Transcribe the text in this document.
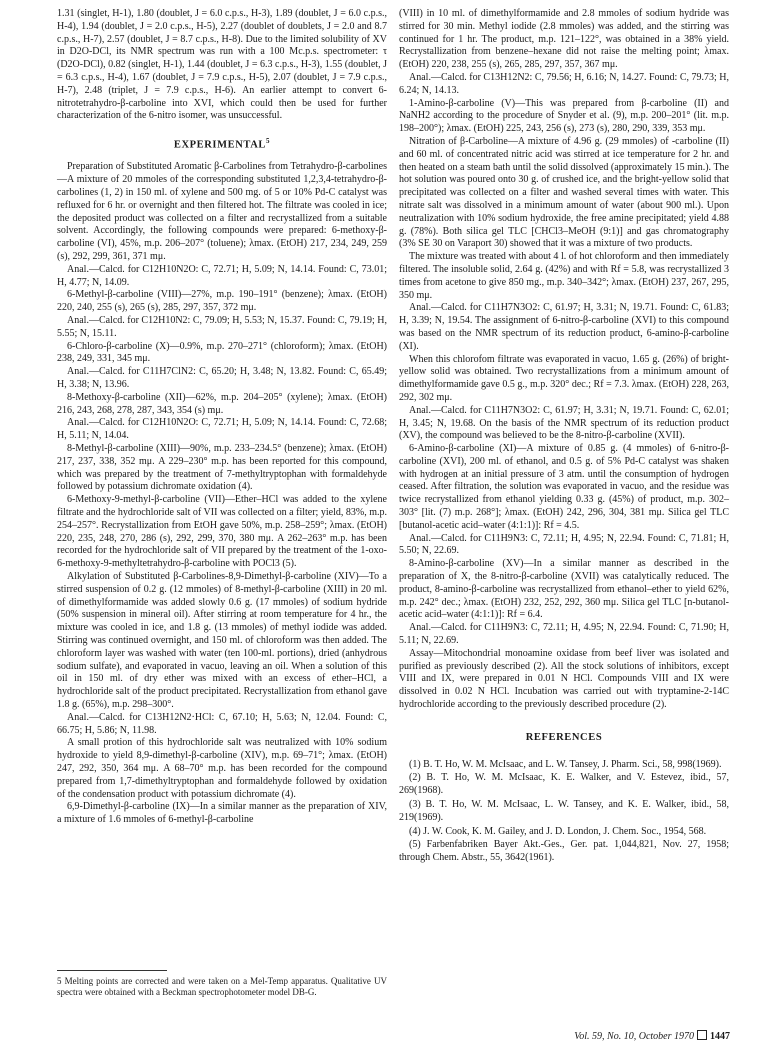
1.31 (singlet, H-1), 1.80 (doublet, J = 6.0 c.p.s., H-3), 1.89 (doublet, J = 6.0 c.p.s., H-4), 1.94 (doublet, J = 2.0 c.p.s., H-5), 2.27 (doublet of doublets, J = 2.0 and 8.7 c.p.s., H-7), 2.57 (doublet, J = 8.7 c.p.s., H-8). Due to the limited solubility of XV in D2O-DCl, its NMR spectrum was run with a 100 Mc.p.s. spectrometer: τ (D2O-DCl), 0.82 (singlet, H-1), 1.44 (doublet, J = 6.3 c.p.s., H-3), 1.55 (doublet, J = 6.3 c.p.s., H-4), 1.67 (doublet, J = 7.9 c.p.s., H-5), 2.07 (doublet, J = 7.9 c.p.s., H-7), 2.48 (triplet, J = 7.9 c.p.s., H-6). An earlier attempt to convert 6-nitrotetrahydro-β-carboline into XVI, which could then be used for further characterization of the 6-nitro isomer, was unsuccessful.

EXPERIMENTAL$^5$

Preparation of Substituted Aromatic β-Carbolines from Tetrahydro-β-carbolines—A mixture of 20 mmoles of the corresponding substituted 1,2,3,4-tetrahydro-β-carbolines (1, 2) in 150 ml. of xylene and 500 mg. of 5 or 10% Pd-C catalyst was refluxed for 6 hr. or overnight and then filtered hot. The filtrate was cooled in ice; the deposited product was collected on a filter and recrystallized from a suitable solvent. Accordingly, the following compounds were prepared: 6-methoxy-β-carboline (VI), 45%, m.p. 206–207° (toluene); λmax. (EtOH) 217, 234, 249, 259 (s), 292, 299, 361, 371 mμ.

Anal.—Calcd. for C12H10N2O: C, 72.71; H, 5.09; N, 14.14. Found: C, 73.01; H, 4.77; N, 14.09.

6-Methyl-β-carboline (VIII)—27%, m.p. 190–191° (benzene); λmax. (EtOH) 220, 240, 255 (s), 265 (s), 285, 297, 357, 372 mμ.

Anal.—Calcd. for C12H10N2: C, 79.09; H, 5.53; N, 15.37. Found: C, 79.19; H, 5.55; N, 15.11.

6-Chloro-β-carboline (X)—0.9%, m.p. 270–271° (chloroform); λmax. (EtOH) 238, 249, 331, 345 mμ.

Anal.—Calcd. for C11H7ClN2: C, 65.20; H, 3.48; N, 13.82. Found: C, 65.49; H, 3.38; N, 13.96.

8-Methoxy-β-carboline (XII)—62%, m.p. 204–205° (xylene); λmax. (EtOH) 216, 243, 268, 278, 287, 343, 354 (s) mμ.

Anal.—Calcd. for C12H10N2O: C, 72.71; H, 5.09; N, 14.14. Found: C, 72.68; H, 5.11; N, 14.04.

8-Methyl-β-carboline (XIII)—90%, m.p. 233–234.5° (benzene); λmax. (EtOH) 217, 237, 338, 352 mμ. A 229–230° m.p. has been reported for this compound, which was prepared by the treatment of 7-methyltryptophan with formaldehyde followed by potassium dichromate oxidation (4).

6-Methoxy-9-methyl-β-carboline (VII)—Ether–HCl was added to the xylene filtrate and the hydrochloride salt of VII was collected on a filter; yield, 83%, m.p. 254–257°. Recrystallization from EtOH gave 50%, m.p. 258–259°; λmax. (EtOH) 220, 235, 248, 270, 286 (s), 292, 299, 370, 380 mμ. A 262–263° m.p. has been recorded for the hydrochloride salt of VII prepared by the treatment of the 1-oxo-6-methoxy-9-methyltetrahydro-β-carboline with POCl3 (5).

Alkylation of Substituted β-Carbolines-8,9-Dimethyl-β-carboline (XIV)—To a stirred suspension of 0.2 g. (12 mmoles) of 8-methyl-β-carboline (XIII) in 20 ml. of dimethylformamide was added slowly 0.6 g. (17 mmoles) of sodium hydride (50% suspension in mineral oil). After stirring at room temperature for 4 hr., the mixture was cooled in ice, and 1.8 g. (13 mmoles) of methyl iodide was added. Stirring was continued overnight, and 150 ml. of chloroform was then added. The chloroform layer was washed with water (ten 100-ml. portions), dried (anhydrous sodium sulfate), and evaporated in vacuo, leaving an oil. When a solution of this oil in 150 ml. of dry ether was mixed with an excess of ether–HCl, a hydrochloride salt of the product precipitated. Recrystallization from ethanol gave 1.8 g. (65%), m.p. 298–300°.

Anal.—Calcd. for C13H12N2·HCl: C, 67.10; H, 5.63; N, 12.04. Found: C, 66.75; H, 5.86; N, 11.98.

A small protion of this hydrochloride salt was neutralized with 10% sodium hydroxide to yield 8,9-dimethyl-β-carboline (XIV), m.p. 69–71°; λmax. (EtOH) 247, 292, 350, 364 mμ. A 68–70° m.p. has been recorded for the compound prepared from 1,7-dimethyltryptophan and formaldehyde followed by oxidation of the condensation product with potassium dichromate (4).

6,9-Dimethyl-β-carboline (IX)—In a similar manner as the preparation of XIV, a mixture of 1.6 mmoles of 6-methyl-β-carboline

(VIII) in 10 ml. of dimethylformamide and 2.8 mmoles of sodium hydride was stirred for 30 min. Methyl iodide (2.8 mmoles) was added, and the stirring was continued for 1 hr. The product, m.p. 121–122°, was obtained in a 38% yield. Recrystallization from benzene–hexane did not raise the melting point; λmax. (EtOH) 220, 238, 255 (s), 265, 285, 297, 357, 367 mμ.

Anal.—Calcd. for C13H12N2: C, 79.56; H, 6.16; N, 14.27. Found: C, 79.73; H, 6.24; N, 14.13.

1-Amino-β-carboline (V)—This was prepared from β-carboline (II) and NaNH2 according to the procedure of Snyder et al. (9), m.p. 200–201° (lit. m.p. 198–200°); λmax. (EtOH) 225, 243, 256 (s), 273 (s), 280, 290, 339, 353 mμ.

Nitration of β-Carboline—A mixture of 4.96 g. (29 mmoles) of -carboline (II) and 60 ml. of concentrated nitric acid was stirred at ice temperature for 2 hr. and then heated on a steam bath until the solid dissolved (approximately 15 min.). The hot solution was poured onto 30 g. of crushed ice, and the bright-yellow solid that precipitated was collected on a filter and washed several times with water. This nitrate salt was dissolved in a minimum amount of water (about 900 ml.). Upon neutralization with 10% sodium hydroxide, the free amine precipitated; yield 4.88 g. (78%). Both silica gel TLC [CHCl3–MeOH (9:1)] and gas chromatography (3% SE 30 on Varaport 30) showed that it was a mixture of two products.

The mixture was treated with about 4 l. of hot chloroform and then immediately filtered. The insoluble solid, 2.64 g. (42%) and with Rf = 5.8, was recrystallized 3 times from acetone to give 850 mg., m.p. 340–342°; λmax. (EtOH) 237, 267, 295, 350 mμ.

Anal.—Calcd. for C11H7N3O2: C, 61.97; H, 3.31; N, 19.71. Found: C, 61.83; H, 3.39; N, 19.54. The assignment of 6-nitro-β-carboline (XVI) to this compound was based on the NMR spectrum of its reduction product, 6-amino-β-carboline (XI).

When this chlorofom filtrate was evaporated in vacuo, 1.65 g. (26%) of bright-yellow solid was obtained. Two recrystallizations from a minimum amount of dimethylformamide gave 0.5 g., m.p. 320° dec.; Rf = 7.3. λmax. (EtOH) 228, 263, 292, 302 mμ.

Anal.—Calcd. for C11H7N3O2: C, 61.97; H, 3.31; N, 19.71. Found: C, 62.01; H, 3.45; N, 19.68. On the basis of the NMR spectrum of its reduction product (XV), the compound was believed to be the 8-nitro-β-carboline (XVII).

6-Amino-β-carboline (XI)—A mixture of 0.85 g. (4 mmoles) of 6-nitro-β-carboline (XVI), 200 ml. of ethanol, and 0.5 g. of 5% Pd-C catalyst was shaken with hydrogen at an initial pressure of 3 atm. until the consumption of hydrogen ceased. After filtration, the solution was evaporated in vacuo, and the residue was twice recrystallized from ethanol yielding 0.33 g. (45%) of product, m.p. 302–303° [lit. (7) m.p. 268°]; λmax. (EtOH) 242, 296, 304, 381 mμ. Silica gel TLC [butanol-acetic acid–water (4:1:1)]: Rf = 4.5.

Anal.—Calcd. for C11H9N3: C, 72.11; H, 4.95; N, 22.94. Found: C, 71.81; H, 5.50; N, 22.69.

8-Amino-β-carboline (XV)—In a similar manner as described in the preparation of X, the 8-nitro-β-carboline (XVII) was catalytically reduced. The product, 8-amino-β-carboline was recrystallized from ethanol–ether to yield 62%, m.p. 242° dec.; λmax. (EtOH) 232, 252, 292, 360 mμ. Silica gel TLC [n-butanol-acetic acid–water (4:1:1)]: Rf = 6.4.

Anal.—Calcd. for C11H9N3: C, 72.11; H, 4.95; N, 22.94. Found: C, 71.90; H, 5.11; N, 22.69.

Assay—Mitochondrial monoamine oxidase from beef liver was isolated and purified as previously described (2). All the stock solutions of inhibitors, except VIII and IX, were prepared in 0.01 N HCl. Compounds VIII and IX were dissolved in 0.02 N HCl. Incubation was carried out with tryptamine-2-14C hydrochloride according to the previously described procedure (2).

REFERENCES

(1) B. T. Ho, W. M. McIsaac, and L. W. Tansey, J. Pharm. Sci., 58, 998(1969).

(2) B. T. Ho, W. M. McIsaac, K. E. Walker, and V. Estevez, ibid., 57, 269(1968).

(3) B. T. Ho, W. M. McIsaac, L. W. Tansey, and K. E. Walker, ibid., 58, 219(1969).

(4) J. W. Cook, K. M. Gailey, and J. D. London, J. Chem. Soc., 1954, 568.

(5) Farbenfabriken Bayer Akt.-Ges., Ger. pat. 1,044,821, Nov. 27, 1958; through Chem. Abstr., 55, 3642(1961).

5 Melting points are corrected and were taken on a Mel-Temp apparatus. Qualitative UV spectra were obtained with a Beckman spectrophotometer model DB-G.
Vol. 59, No. 10, October 1970 1447
